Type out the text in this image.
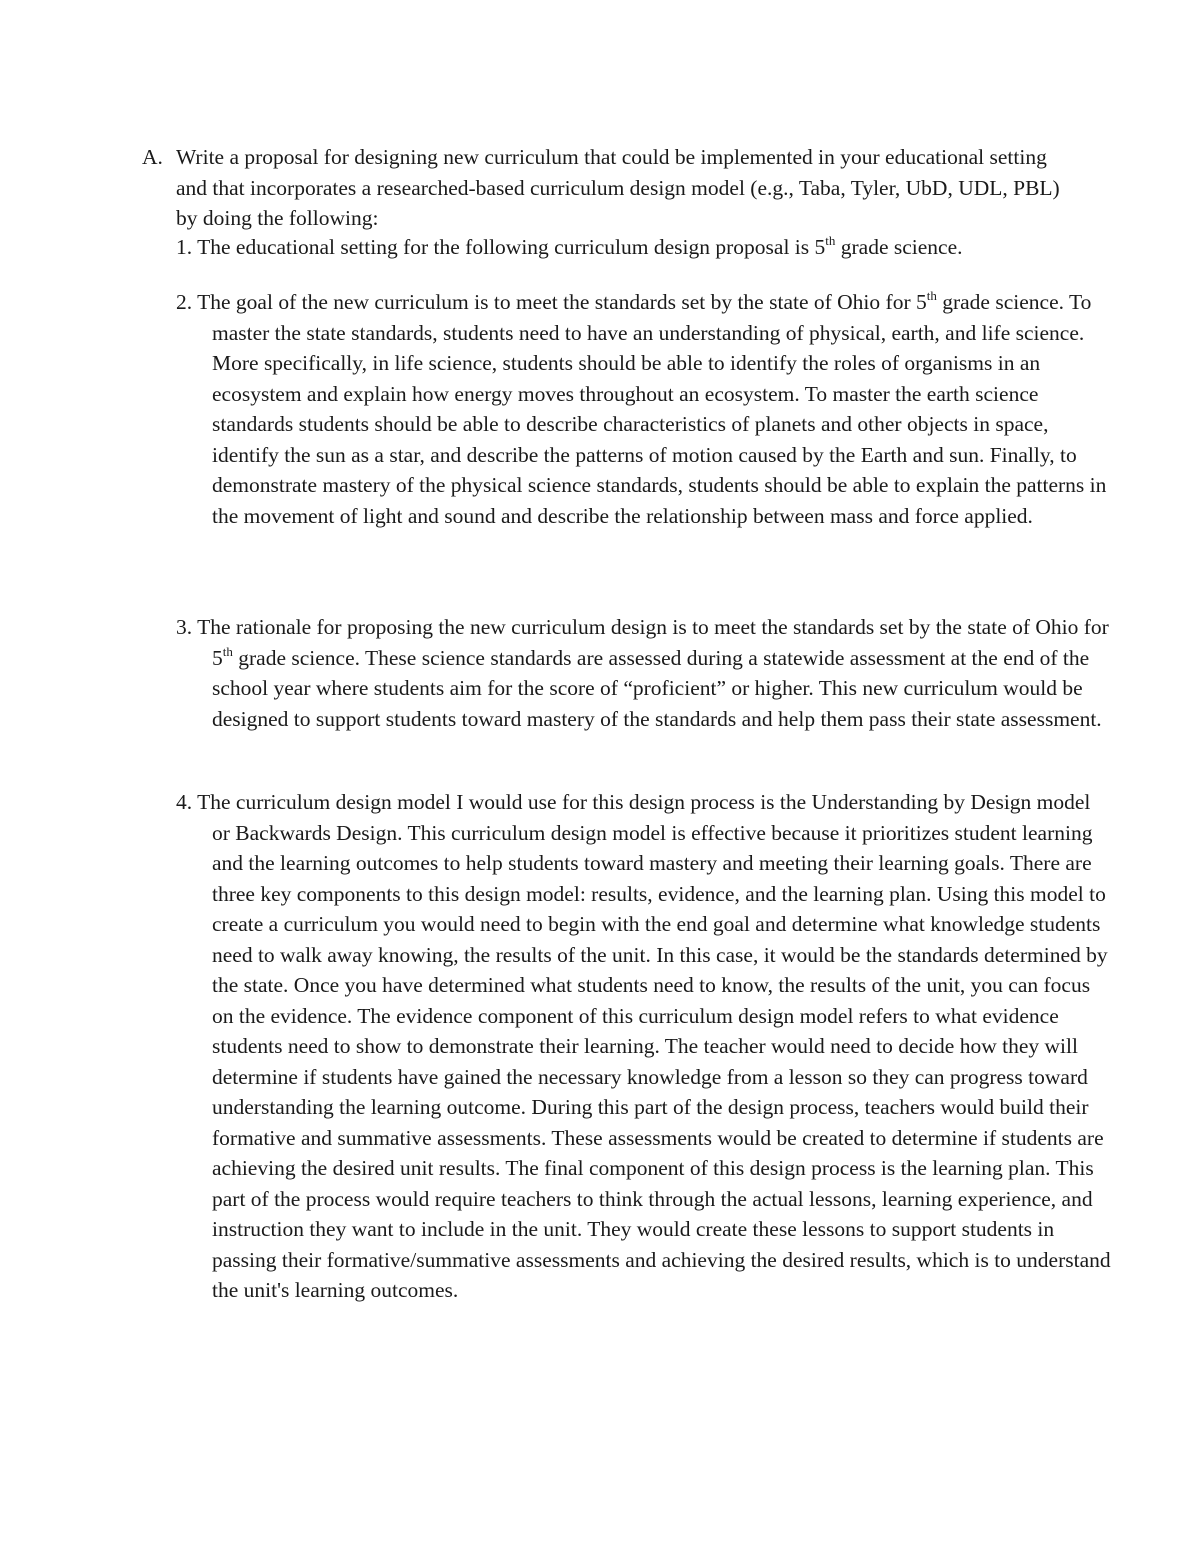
A. Write a proposal for designing new curriculum that could be implemented in your educational setting and that incorporates a researched-based curriculum design model (e.g., Taba, Tyler, UbD, UDL, PBL) by doing the following:
1. The educational setting for the following curriculum design proposal is 5th grade science.
2. The goal of the new curriculum is to meet the standards set by the state of Ohio for 5th grade science. To master the state standards, students need to have an understanding of physical, earth, and life science. More specifically, in life science, students should be able to identify the roles of organisms in an ecosystem and explain how energy moves throughout an ecosystem. To master the earth science standards students should be able to describe characteristics of planets and other objects in space, identify the sun as a star, and describe the patterns of motion caused by the Earth and sun. Finally, to demonstrate mastery of the physical science standards, students should be able to explain the patterns in the movement of light and sound and describe the relationship between mass and force applied.
3. The rationale for proposing the new curriculum design is to meet the standards set by the state of Ohio for 5th grade science. These science standards are assessed during a statewide assessment at the end of the school year where students aim for the score of “proficient” or higher. This new curriculum would be designed to support students toward mastery of the standards and help them pass their state assessment.
4. The curriculum design model I would use for this design process is the Understanding by Design model or Backwards Design. This curriculum design model is effective because it prioritizes student learning and the learning outcomes to help students toward mastery and meeting their learning goals. There are three key components to this design model: results, evidence, and the learning plan. Using this model to create a curriculum you would need to begin with the end goal and determine what knowledge students need to walk away knowing, the results of the unit. In this case, it would be the standards determined by the state. Once you have determined what students need to know, the results of the unit, you can focus on the evidence. The evidence component of this curriculum design model refers to what evidence students need to show to demonstrate their learning. The teacher would need to decide how they will determine if students have gained the necessary knowledge from a lesson so they can progress toward understanding the learning outcome. During this part of the design process, teachers would build their formative and summative assessments. These assessments would be created to determine if students are achieving the desired unit results. The final component of this design process is the learning plan. This part of the process would require teachers to think through the actual lessons, learning experience, and instruction they want to include in the unit. They would create these lessons to support students in passing their formative/summative assessments and achieving the desired results, which is to understand the unit's learning outcomes.
